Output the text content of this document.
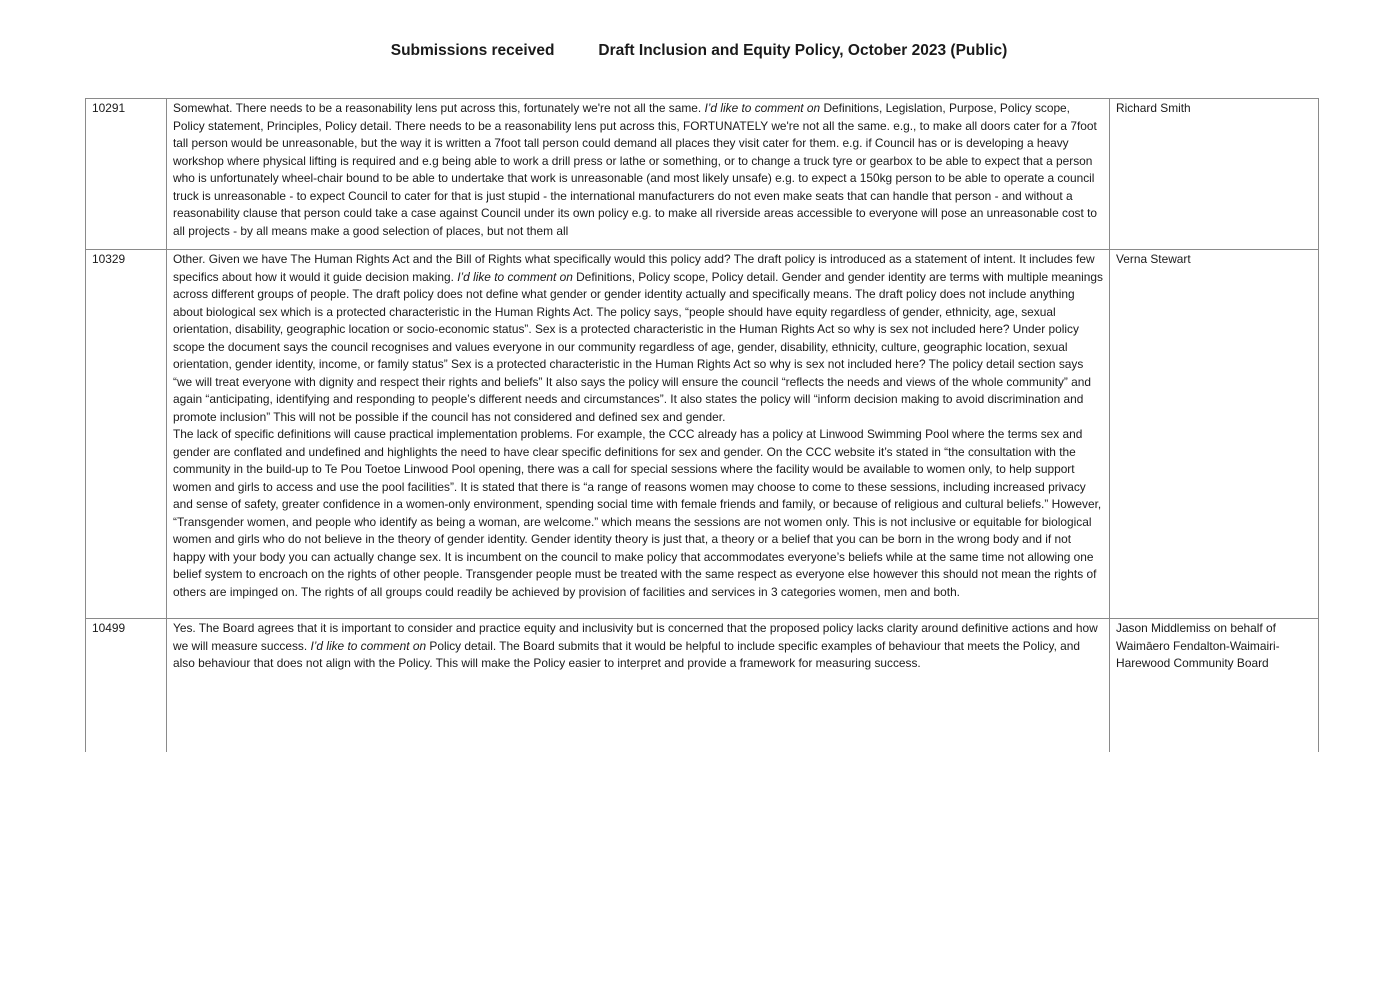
Submissions received	Draft Inclusion and Equity Policy, October 2023 (Public)
10291	Somewhat. There needs to be a reasonability lens put across this, fortunately we're not all the same. I’d like to comment on Definitions, Legislation, Purpose, Policy scope, Policy statement, Principles, Policy detail. There needs to be a reasonability lens put across this, FORTUNATELY we're not all the same. e.g., to make all doors cater for a 7foot tall person would be unreasonable, but the way it is written a 7foot tall person could demand all places they visit cater for them. e.g. if Council has or is developing a heavy workshop where physical lifting is required and e.g being able to work a drill press or lathe or something, or to change a truck tyre or gearbox to be able to expect that a person who is unfortunately wheel-chair bound to be able to undertake that work is unreasonable (and most likely unsafe) e.g. to expect a 150kg person to be able to operate a council truck is unreasonable - to expect Council to cater for that is just stupid - the international manufacturers do not even make seats that can handle that person - and without a reasonability clause that person could take a case against Council under its own policy e.g. to make all riverside areas accessible to everyone will pose an unreasonable cost to all projects - by all means make a good selection of places, but not them all	Richard Smith
10329	Other. Given we have The Human Rights Act and the Bill of Rights what specifically would this policy add? The draft policy is introduced as a statement of intent. It includes few specifics about how it would it guide decision making. I’d like to comment on Definitions, Policy scope, Policy detail. Gender and gender identity are terms with multiple meanings across different groups of people. The draft policy does not define what gender or gender identity actually and specifically means. The draft policy does not include anything about biological sex which is a protected characteristic in the Human Rights Act. The policy says, “people should have equity regardless of gender, ethnicity, age, sexual orientation, disability, geographic location or socio-economic status”. Sex is a protected characteristic in the Human Rights Act so why is sex not included here? Under policy scope the document says the council recognises and values everyone in our community regardless of age, gender, disability, ethnicity, culture, geographic location, sexual orientation, gender identity, income, or family status” Sex is a protected characteristic in the Human Rights Act so why is sex not included here? The policy detail section says “we will treat everyone with dignity and respect their rights and beliefs” It also says the policy will ensure the council “reflects the needs and views of the whole community” and again “anticipating, identifying and responding to people’s different needs and circumstances”. It also states the policy will “inform decision making to avoid discrimination and promote inclusion” This will not be possible if the council has not considered and defined sex and gender.

The lack of specific definitions will cause practical implementation problems. For example, the CCC already has a policy at Linwood Swimming Pool where the terms sex and gender are conflated and undefined and highlights the need to have clear specific definitions for sex and gender. On the CCC website it’s stated in “the consultation with the community in the build-up to Te Pou Toetoe Linwood Pool opening, there was a call for special sessions where the facility would be available to women only, to help support women and girls to access and use the pool facilities”. It is stated that there is “a range of reasons women may choose to come to these sessions, including increased privacy and sense of safety, greater confidence in a women-only environment, spending social time with female friends and family, or because of religious and cultural beliefs.” However, “Transgender women, and people who identify as being a woman, are welcome.” which means the sessions are not women only. This is not inclusive or equitable for biological women and girls who do not believe in the theory of gender identity. Gender identity theory is just that, a theory or a belief that you can be born in the wrong body and if not happy with your body you can actually change sex. It is incumbent on the council to make policy that accommodates everyone’s beliefs while at the same time not allowing one belief system to encroach on the rights of other people. Transgender people must be treated with the same respect as everyone else however this should not mean the rights of others are impinged on. The rights of all groups could readily be achieved by provision of facilities and services in 3 categories women, men and both.	Verna Stewart
10499	Yes. The Board agrees that it is important to consider and practice equity and inclusivity but is concerned that the proposed policy lacks clarity around definitive actions and how we will measure success. I’d like to comment on Policy detail. The Board submits that it would be helpful to include specific examples of behaviour that meets the Policy, and also behaviour that does not align with the Policy. This will make the Policy easier to interpret and provide a framework for measuring success.	Jason Middlemiss on behalf of Waimāero Fendalton-Waimairi-Harewood Community Board
